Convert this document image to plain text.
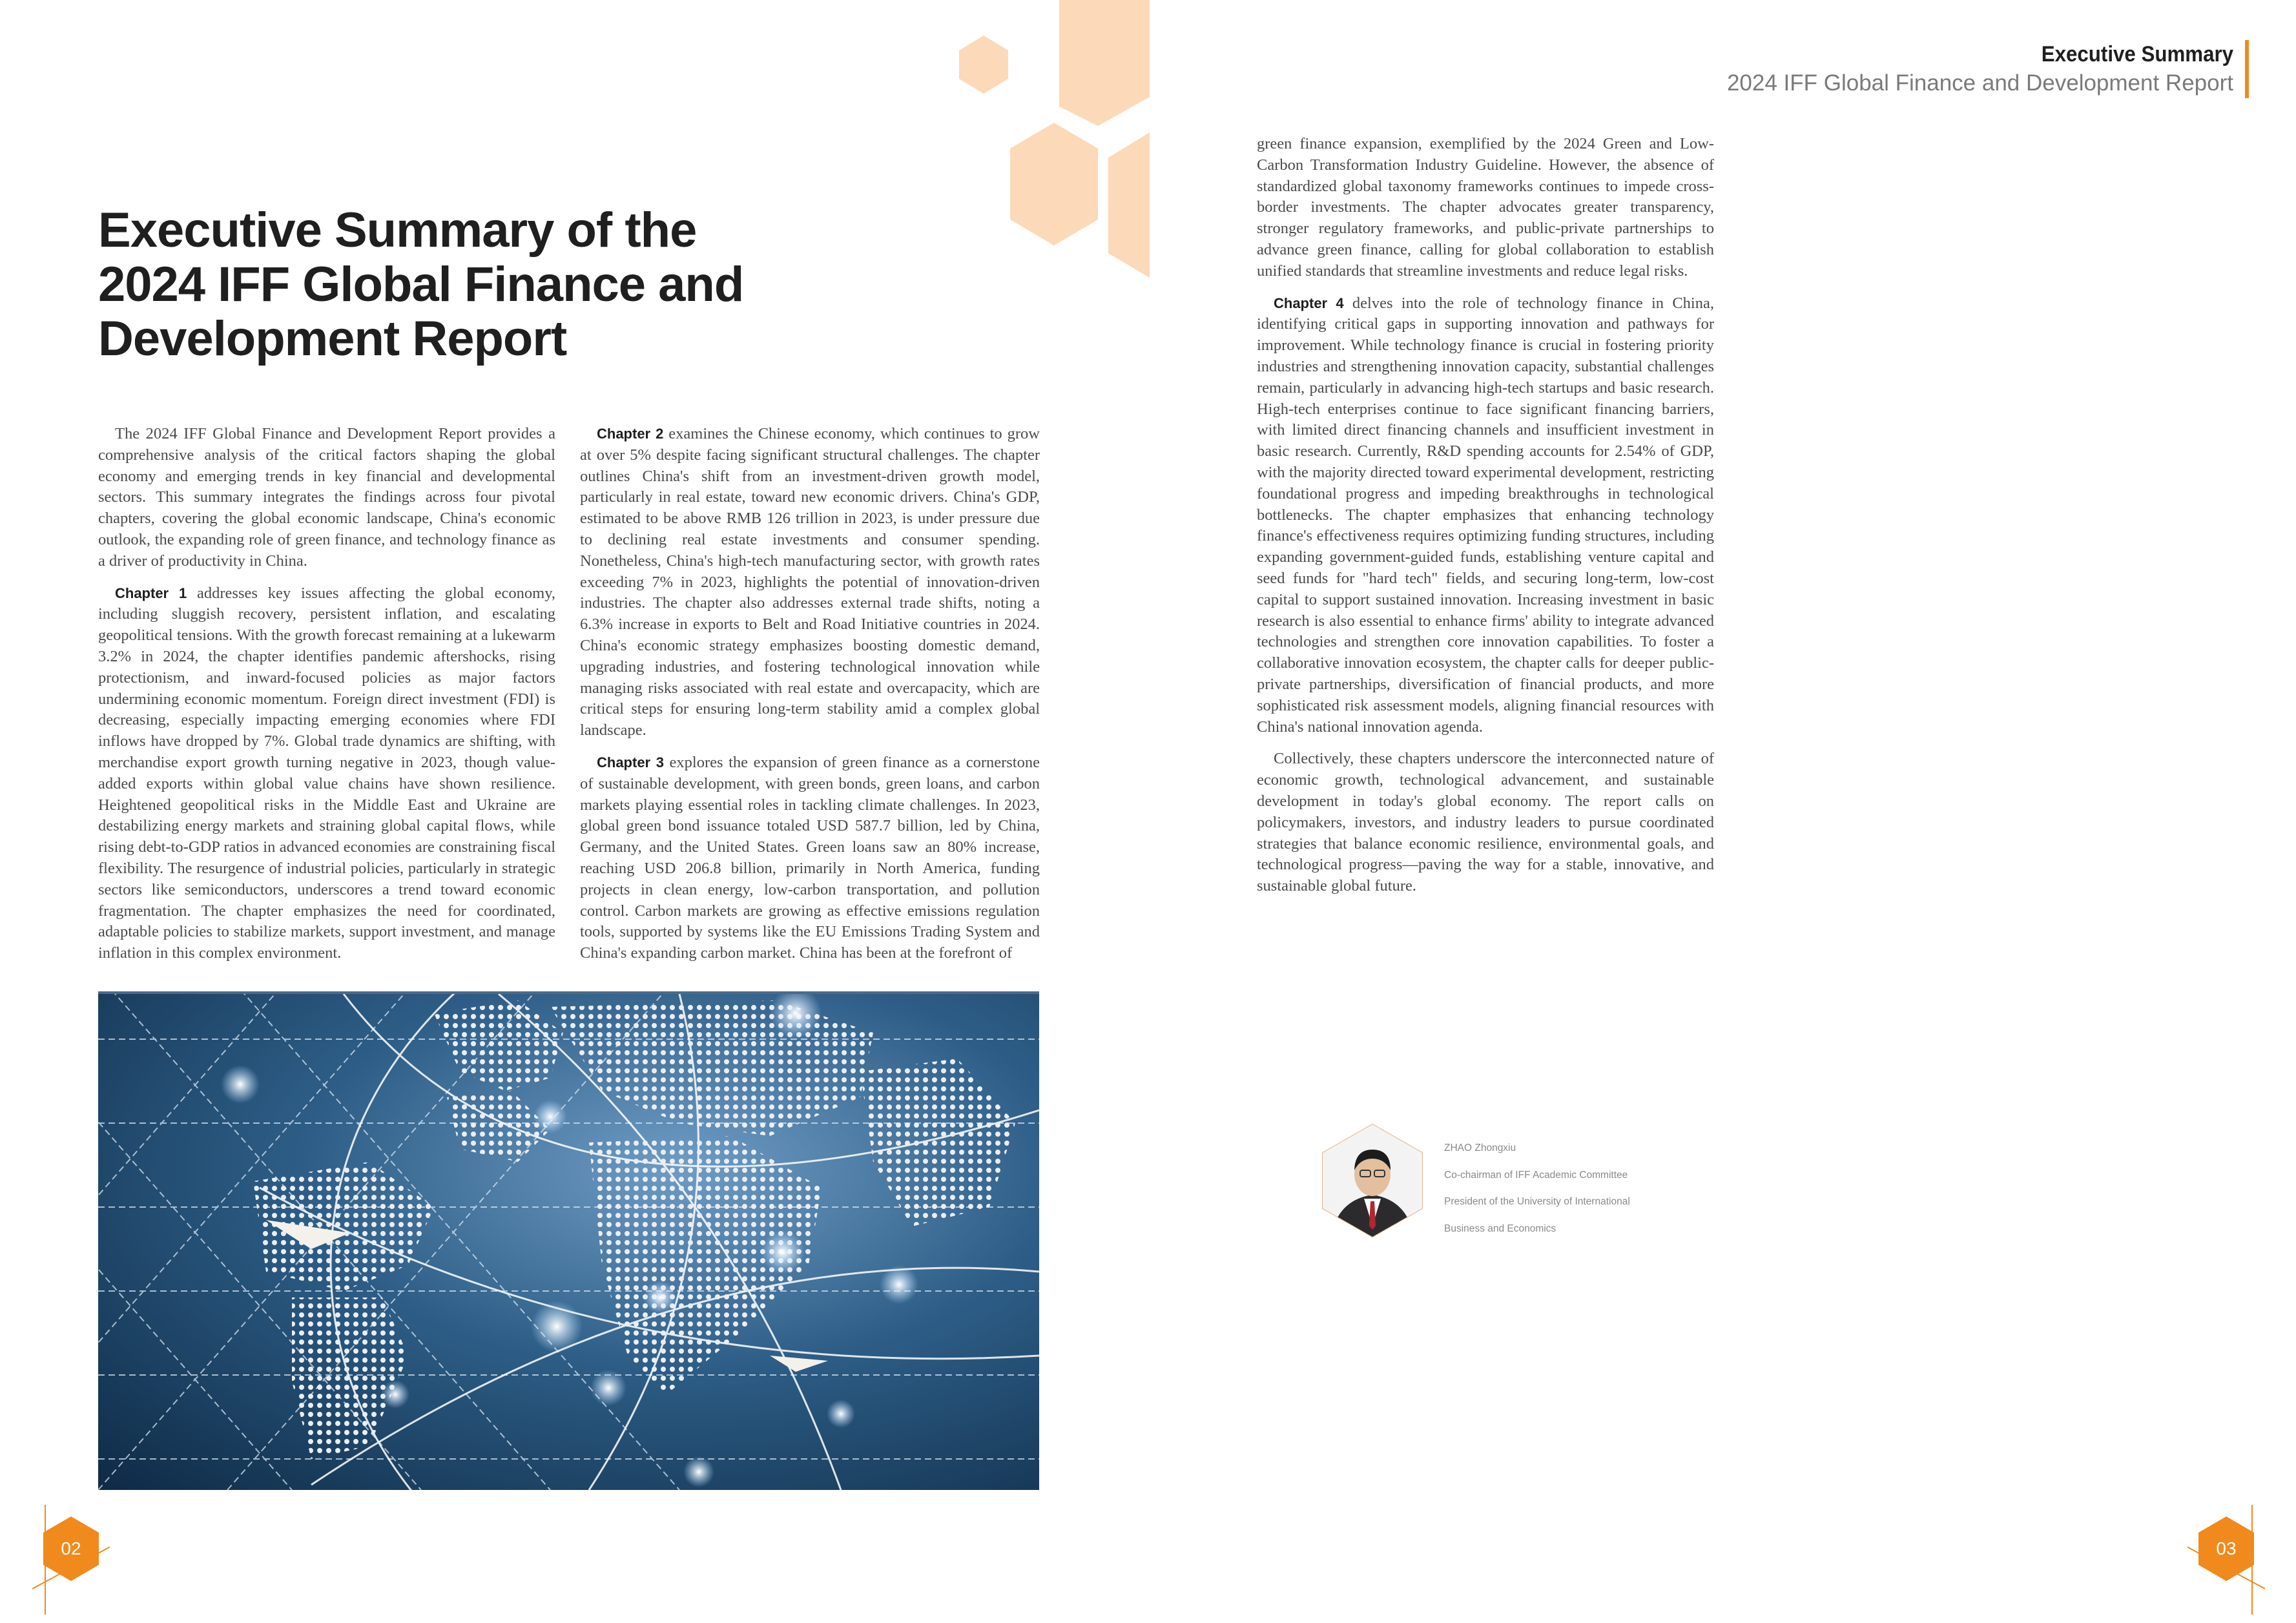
Executive Summary
2024 IFF Global Finance and Development Report
Executive Summary of the
2024 IFF Global Finance and
Development Report

The 2024 IFF Global Finance and Development Report provides a comprehensive analysis of the critical factors shaping the global economy and emerging trends in key financial and developmental sectors. This summary integrates the findings across four pivotal chapters, covering the global economic landscape, China's economic outlook, the expanding role of green finance, and technology finance as a driver of productivity in China.

Chapter 1 addresses key issues affecting the global economy, including sluggish recovery, persistent inflation, and escalating geopolitical tensions. With the growth forecast remaining at a lukewarm 3.2% in 2024, the chapter identifies pandemic aftershocks, rising protectionism, and inward-focused policies as major factors undermining economic momentum. Foreign direct investment (FDI) is decreasing, especially impacting emerging economies where FDI inflows have dropped by 7%. Global trade dynamics are shifting, with merchandise export growth turning negative in 2023, though value-added exports within global value chains have shown resilience. Heightened geopolitical risks in the Middle East and Ukraine are destabilizing energy markets and straining global capital flows, while rising debt-to-GDP ratios in advanced economies are constraining fiscal flexibility. The resurgence of industrial policies, particularly in strategic sectors like semiconductors, underscores a trend toward economic fragmentation. The chapter emphasizes the need for coordinated, adaptable policies to stabilize markets, support investment, and manage inflation in this complex environment.

Chapter 2 examines the Chinese economy, which continues to grow at over 5% despite facing significant structural challenges. The chapter outlines China's shift from an investment-driven growth model, particularly in real estate, toward new economic drivers. China's GDP, estimated to be above RMB 126 trillion in 2023, is under pressure due to declining real estate investments and consumer spending. Nonetheless, China's high-tech manufacturing sector, with growth rates exceeding 7% in 2023, highlights the potential of innovation-driven industries. The chapter also addresses external trade shifts, noting a 6.3% increase in exports to Belt and Road Initiative countries in 2024. China's economic strategy emphasizes boosting domestic demand, upgrading industries, and fostering technological innovation while managing risks associated with real estate and overcapacity, which are critical steps for ensuring long-term stability amid a complex global landscape.

Chapter 3 explores the expansion of green finance as a cornerstone of sustainable development, with green bonds, green loans, and carbon markets playing essential roles in tackling climate challenges. In 2023, global green bond issuance totaled USD 587.7 billion, led by China, Germany, and the United States. Green loans saw an 80% increase, reaching USD 206.8 billion, primarily in North America, funding projects in clean energy, low-carbon transportation, and pollution control. Carbon markets are growing as effective emissions regulation tools, supported by systems like the EU Emissions Trading System and China's expanding carbon market. China has been at the forefront of

green finance expansion, exemplified by the 2024 Green and Low-Carbon Transformation Industry Guideline. However, the absence of standardized global taxonomy frameworks continues to impede cross-border investments. The chapter advocates greater transparency, stronger regulatory frameworks, and public-private partnerships to advance green finance, calling for global collaboration to establish unified standards that streamline investments and reduce legal risks.

Chapter 4 delves into the role of technology finance in China, identifying critical gaps in supporting innovation and pathways for improvement. While technology finance is crucial in fostering priority industries and strengthening innovation capacity, substantial challenges remain, particularly in advancing high-tech startups and basic research. High-tech enterprises continue to face significant financing barriers, with limited direct financing channels and insufficient investment in basic research. Currently, R&D spending accounts for 2.54% of GDP, with the majority directed toward experimental development, restricting foundational progress and impeding breakthroughs in technological bottlenecks. The chapter emphasizes that enhancing technology finance's effectiveness requires optimizing funding structures, including expanding government-guided funds, establishing venture capital and seed funds for "hard tech" fields, and securing long-term, low-cost capital to support sustained innovation. Increasing investment in basic research is also essential to enhance firms' ability to integrate advanced technologies and strengthen core innovation capabilities. To foster a collaborative innovation ecosystem, the chapter calls for deeper public-private partnerships, diversification of financial products, and more sophisticated risk assessment models, aligning financial resources with China's national innovation agenda.

Collectively, these chapters underscore the interconnected nature of economic growth, technological advancement, and sustainable development in today's global economy. The report calls on policymakers, investors, and industry leaders to pursue coordinated strategies that balance economic resilience, environmental goals, and technological progress—paving the way for a stable, innovative, and sustainable global future.

ZHAO Zhongxiu
Co-chairman of IFF Academic Committee
President of the University of International
Business and Economics
02	03
